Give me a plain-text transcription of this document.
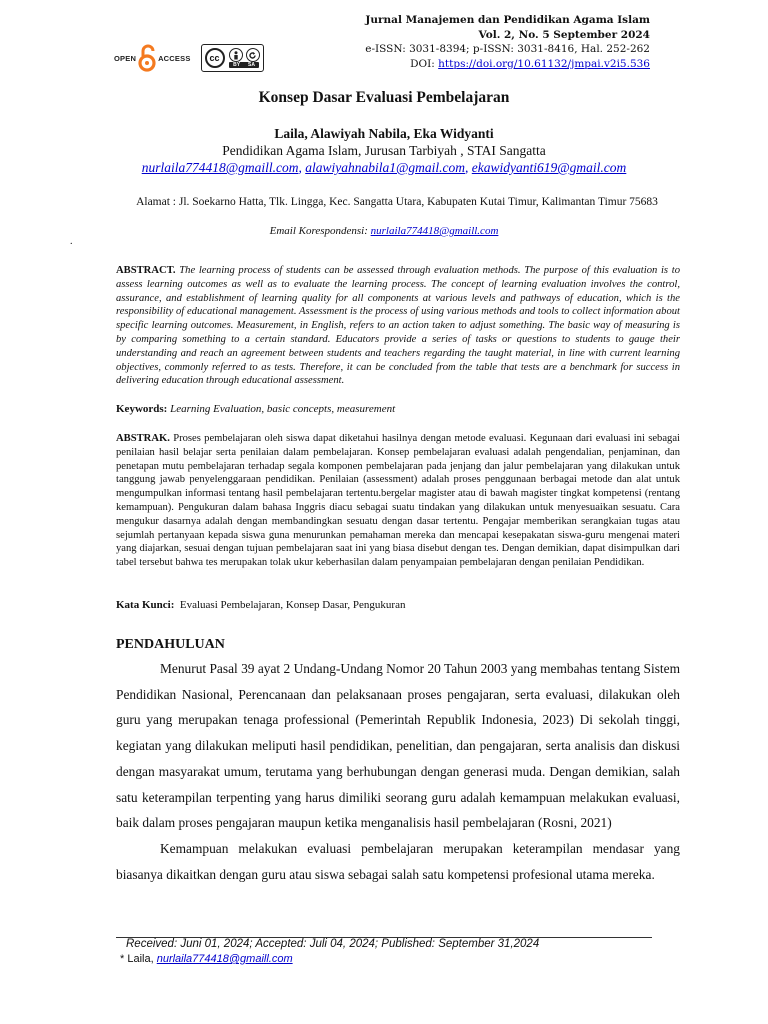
Jurnal Manajemen dan Pendidikan Agama Islam
Vol. 2, No. 5 September 2024
e-ISSN: 3031-8394; p-ISSN: 3031-8416, Hal. 252-262
DOI: https://doi.org/10.61132/jmpai.v2i5.536
OPEN	ACCESS	cc
BY SA
Konsep Dasar Evaluasi Pembelajaran
Laila, Alawiyah Nabila, Eka Widyanti
Pendidikan Agama Islam, Jurusan Tarbiyah , STAI Sangatta
nurlaila774418@gmaill.com, alawiyahnabila1@gmail.com, ekawidyanti619@gmail.com
Alamat : Jl. Soekarno Hatta, Tlk. Lingga, Kec. Sangatta Utara, Kabupaten Kutai Timur, Kalimantan Timur 75683
Email Korespondensi: nurlaila774418@gmaill.com
.
ABSTRACT. The learning process of students can be assessed through evaluation methods. The purpose of this evaluation is to assess learning outcomes as well as to evaluate the learning process. The concept of learning evaluation involves the control, assurance, and establishment of learning quality for all components at various levels and pathways of education, which is the responsibility of educational management. Assessment is the process of using various methods and tools to collect information about specific learning outcomes. Measurement, in English, refers to an action taken to adjust something. The basic way of measuring is by comparing something to a certain standard. Educators provide a series of tasks or questions to students to gauge their understanding and reach an agreement between students and teachers regarding the taught material, in line with current learning objectives, commonly referred to as tests. Therefore, it can be concluded from the table that tests are a benchmark for success in delivering education through educational assessment.
Keywords: Learning Evaluation, basic concepts, measurement
ABSTRAK. Proses pembelajaran oleh siswa dapat diketahui hasilnya dengan metode evaluasi. Kegunaan dari evaluasi ini sebagai penilaian hasil belajar serta penilaian dalam pembelajaran. Konsep pembelajaran evaluasi adalah pengendalian, penjaminan, dan penetapan mutu pembelajaran terhadap segala komponen pembelajaran pada jenjang dan jalur pembelajaran yang dilakukan untuk tanggung jawab penyelenggaraan pendidikan. Penilaian (assessment) adalah proses penggunaan berbagai metode dan alat untuk mengumpulkan informasi tentang hasil pembelajaran tertentu.bergelar magister atau di bawah magister tingkat kompetensi (rentang kemampuan). Pengukuran dalam bahasa Inggris diacu sebagai suatu tindakan yang dilakukan untuk menyesuaikan sesuatu. Cara mengukur dasarnya adalah dengan membandingkan sesuatu dengan dasar tertentu. Pengajar memberikan serangkaian tugas atau sejumlah pertanyaan kepada siswa guna menurunkan pemahaman mereka dan mencapai kesepakatan siswa-guru mengenai materi yang diajarkan, sesuai dengan tujuan pembelajaran saat ini yang biasa disebut dengan tes. Dengan demikian, dapat disimpulkan dari tabel tersebut bahwa tes merupakan tolak ukur keberhasilan dalam penyampaian pembelajaran dengan penilaian Pendidikan.
Kata Kunci:  Evaluasi Pembelajaran, Konsep Dasar, Pengukuran
PENDAHULUAN

Menurut Pasal 39 ayat 2 Undang-Undang Nomor 20 Tahun 2003 yang membahas tentang Sistem Pendidikan Nasional, Perencanaan dan pelaksanaan proses pengajaran, serta evaluasi, dilakukan oleh guru yang merupakan tenaga professional (Pemerintah Republik Indonesia, 2023) Di sekolah tinggi, kegiatan yang dilakukan meliputi hasil pendidikan, penelitian, dan pengajaran, serta analisis dan diskusi dengan masyarakat umum, terutama yang berhubungan dengan generasi muda. Dengan demikian, salah satu keterampilan terpenting yang harus dimiliki seorang guru adalah kemampuan melakukan evaluasi, baik dalam proses pengajaran maupun ketika menganalisis hasil pembelajaran (Rosni, 2021)

Kemampuan melakukan evaluasi pembelajaran merupakan keterampilan mendasar yang biasanya dikaitkan dengan guru atau siswa sebagai salah satu kompetensi profesional utama mereka.

Received: Juni 01, 2024; Accepted: Juli 04, 2024; Published: September 31,2024
* Laila, nurlaila774418@gmaill.com
